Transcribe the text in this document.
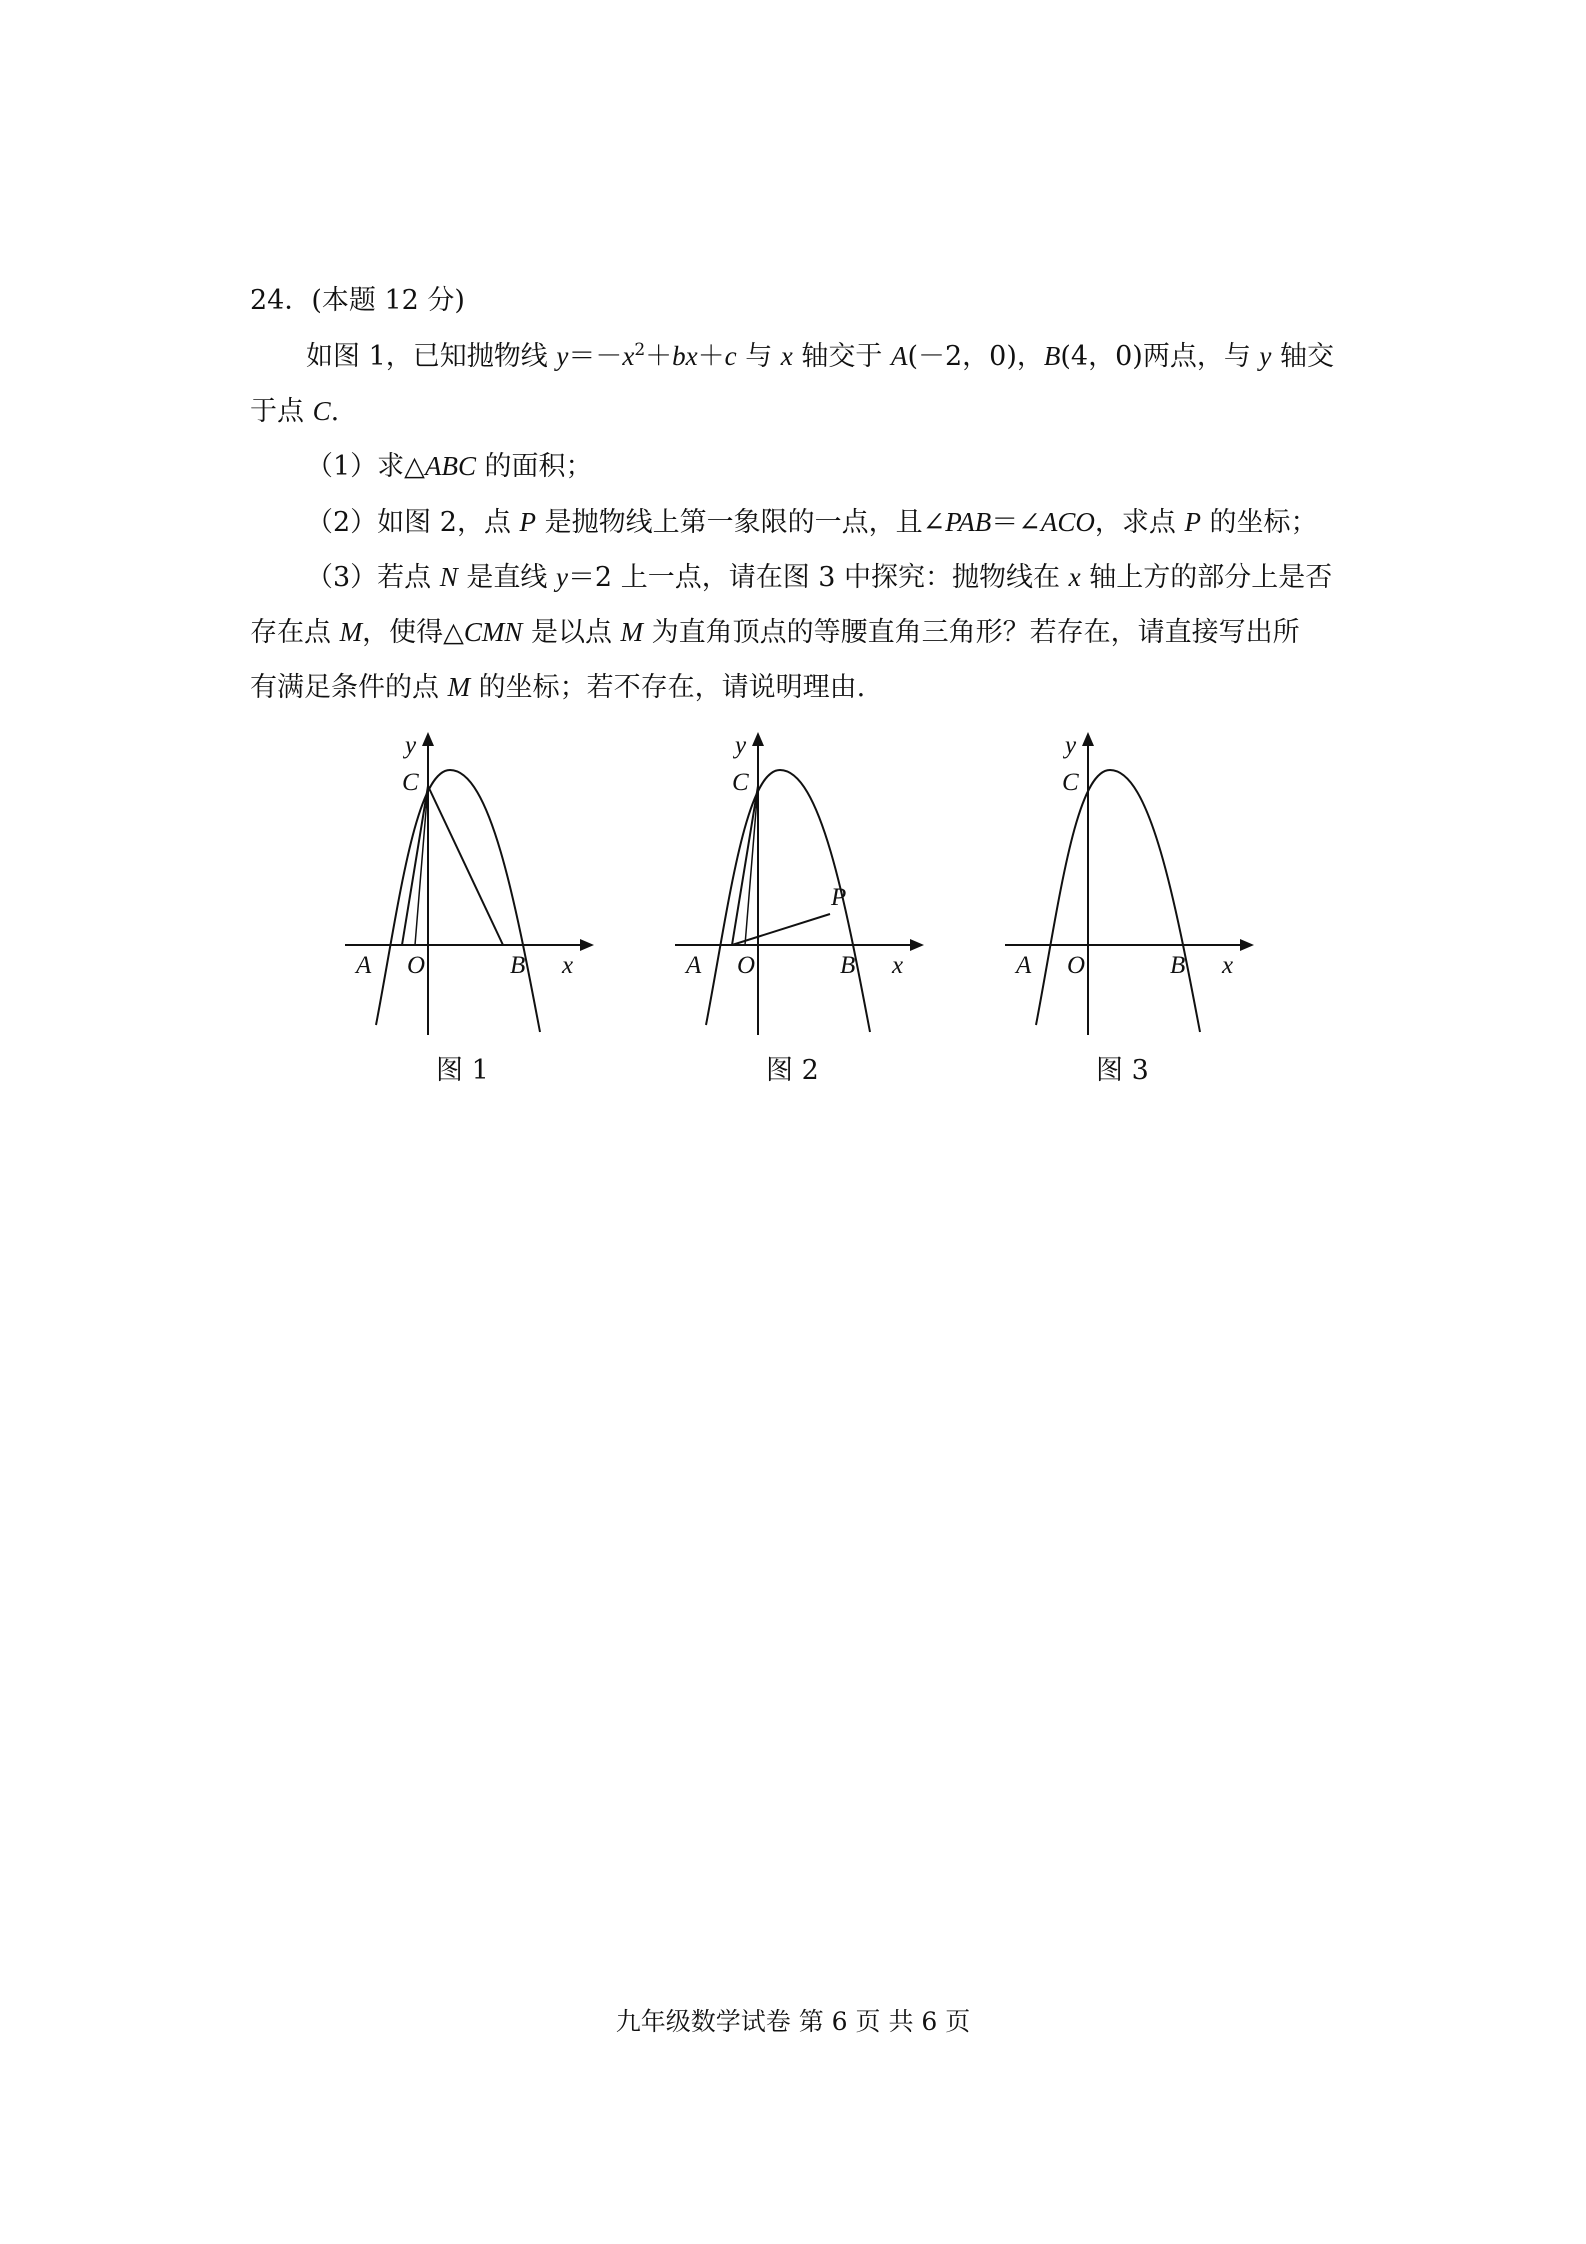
24．(本题 12 分)
如图 1，已知抛物线 $y=-x^2+bx+c$ 与 x 轴交于 A(－2，0)，B(4，0)两点，与 y 轴交
于点 C.
（1）求△ABC 的面积；
（2）如图 2，点 P 是抛物线上第一象限的一点，且∠PAB＝∠ACO，求点 P 的坐标；
（3）若点 N 是直线 y＝2 上一点，请在图 3 中探究：抛物线在 x 轴上方的部分上是否
存在点 M，使得△CMN 是以点 M 为直角顶点的等腰直角三角形？若存在，请直接写出所
有满足条件的点 M 的坐标；若不存在，请说明理由.
y
C
A O	B x
图 1
y
C
P
A O	B x
图 2
y
C
A O	B x
图 3
九年级数学试卷 第 6 页 共 6 页
